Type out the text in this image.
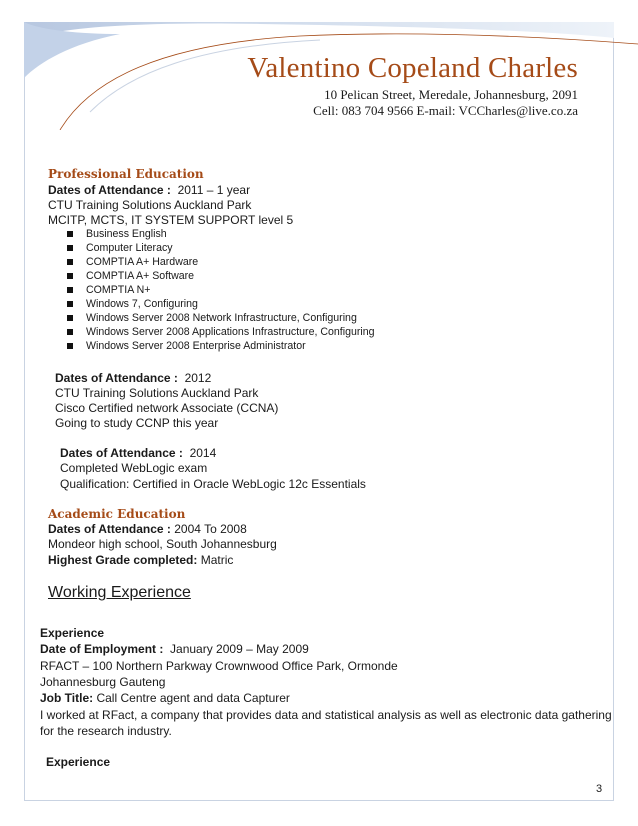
Valentino Copeland Charles
10 Pelican Street, Meredale, Johannesburg, 2091
Cell: 083 704 9566 E-mail: VCCharles@live.co.za
Professional Education
Dates of Attendance : 2011 – 1 year
CTU Training Solutions Auckland Park
MCITP, MCTS, IT SYSTEM SUPPORT level 5
Business English
Computer Literacy
COMPTIA A+ Hardware
COMPTIA A+ Software
COMPTIA N+
Windows 7, Configuring
Windows Server 2008 Network Infrastructure, Configuring
Windows Server 2008 Applications Infrastructure, Configuring
Windows Server 2008 Enterprise Administrator
Dates of Attendance : 2012
CTU Training Solutions Auckland Park
Cisco Certified network Associate (CCNA)
Going to study CCNP this year
Dates of Attendance : 2014
Completed WebLogic exam
Qualification: Certified in Oracle WebLogic 12c Essentials
Academic Education
Dates of Attendance : 2004 To 2008
Mondeor high school, South Johannesburg
Highest Grade completed: Matric
Working Experience
Experience
Date of Employment : January 2009 – May 2009
RFACT – 100 Northern Parkway Crownwood Office Park, Ormonde
Johannesburg Gauteng
Job Title: Call Centre agent and data Capturer
I worked at RFact, a company that provides data and statistical analysis as well as electronic data gathering
for the research industry.
Experience
3
